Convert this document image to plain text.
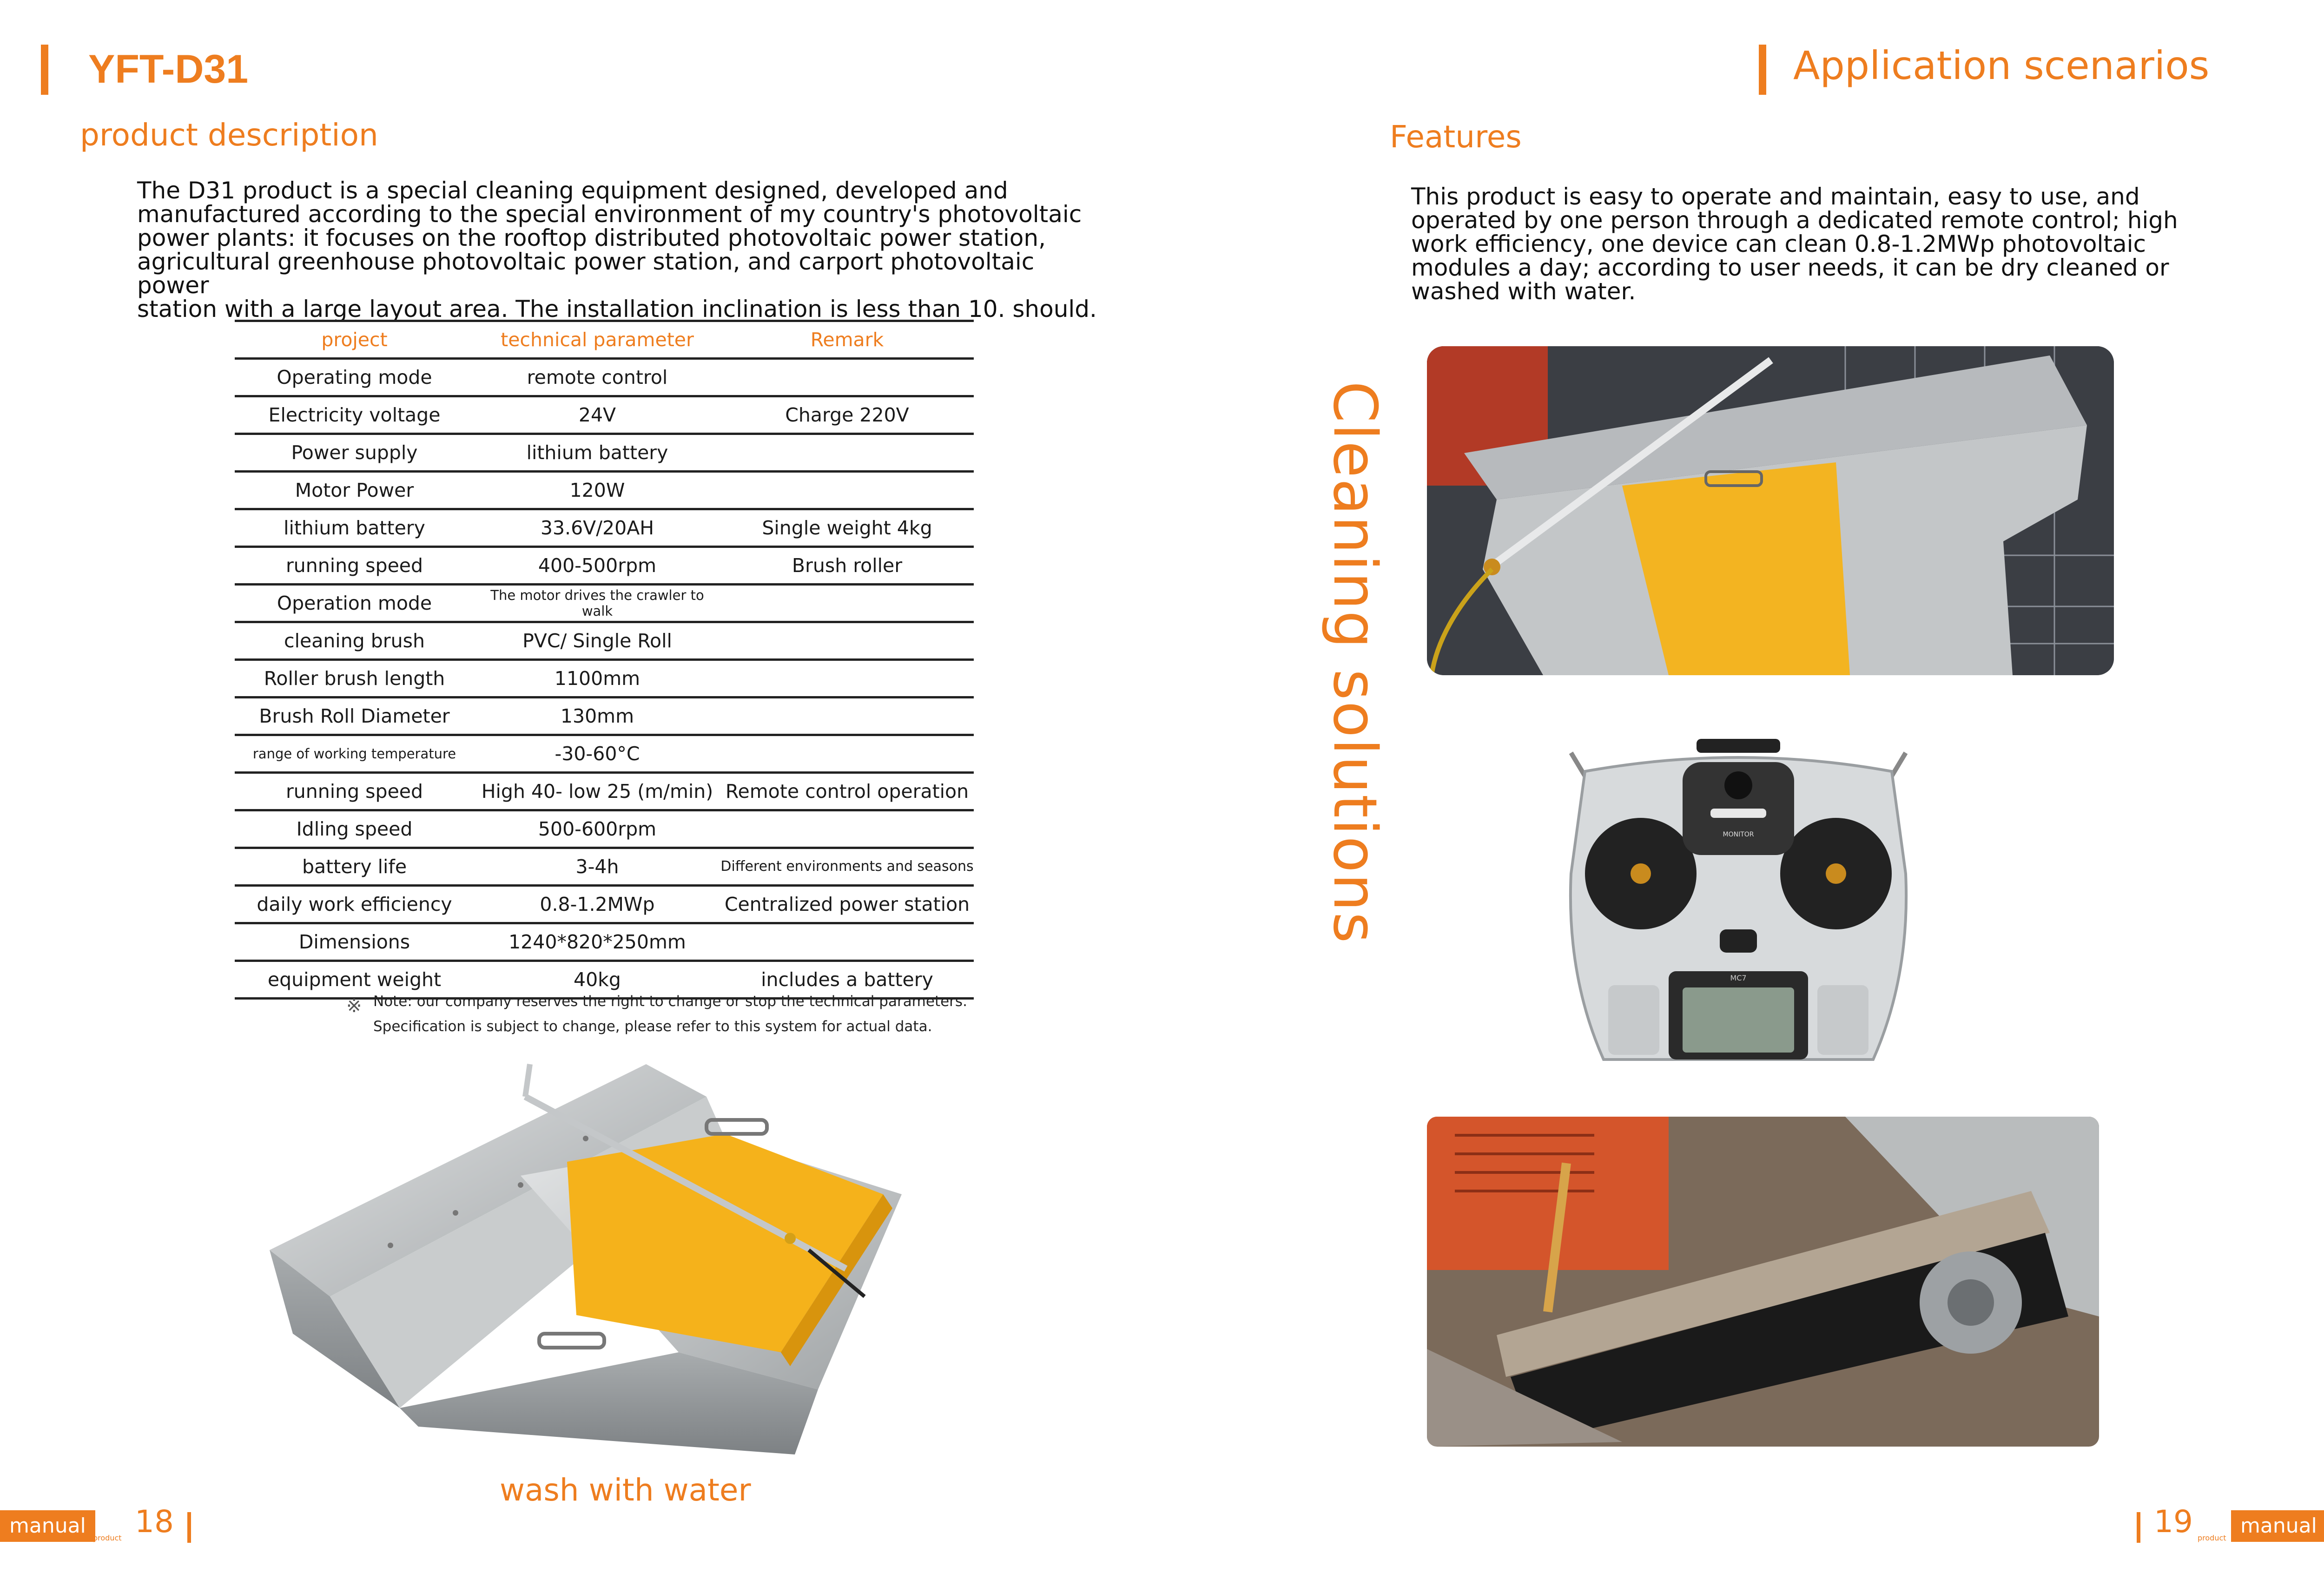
YFT-D31
product description
The D31 product is a special cleaning equipment designed, developed and
manufactured according to the special environment of my country's photovoltaic
power plants: it focuses on the rooftop distributed photovoltaic power station,
agricultural greenhouse photovoltaic power station, and carport photovoltaic power
station with a large layout area. The installation inclination is less than 10. should.
project	technical parameter	Remark
Operating mode	remote control	
Electricity voltage	24V	Charge 220V
Power supply	lithium battery	
Motor Power	120W	
lithium battery	33.6V/20AH	Single weight 4kg
running speed	400-500rpm	Brush roller
Operation mode	The motor drives the crawler to walk	
cleaning brush	PVC/ Single Roll	
Roller brush length	1100mm	
Brush Roll Diameter	130mm	
range of working temperature	-30-60°C	
running speed	High 40- low 25 (m/min)	Remote control operation
Idling speed	500-600rpm	
battery life	3-4h	Different environments and seasons
daily work efficiency	0.8-1.2MWp	Centralized power station
Dimensions	1240*820*250mm	
equipment weight	40kg	includes a battery
※ Note: our company reserves the right to change or stop the technical parameters.
Specification is subject to change, please refer to this system for actual data.
wash with water
manual
product 18
Application scenarios
Features
This product is easy to operate and maintain, easy to use, and
operated by one person through a dedicated remote control; high
work efficiency, one device can clean 0.8-1.2MWp photovoltaic
modules a day; according to user needs, it can be dry cleaned or
washed with water.
Cleaning solutions	MONITOR
MC7
19 product
manual
